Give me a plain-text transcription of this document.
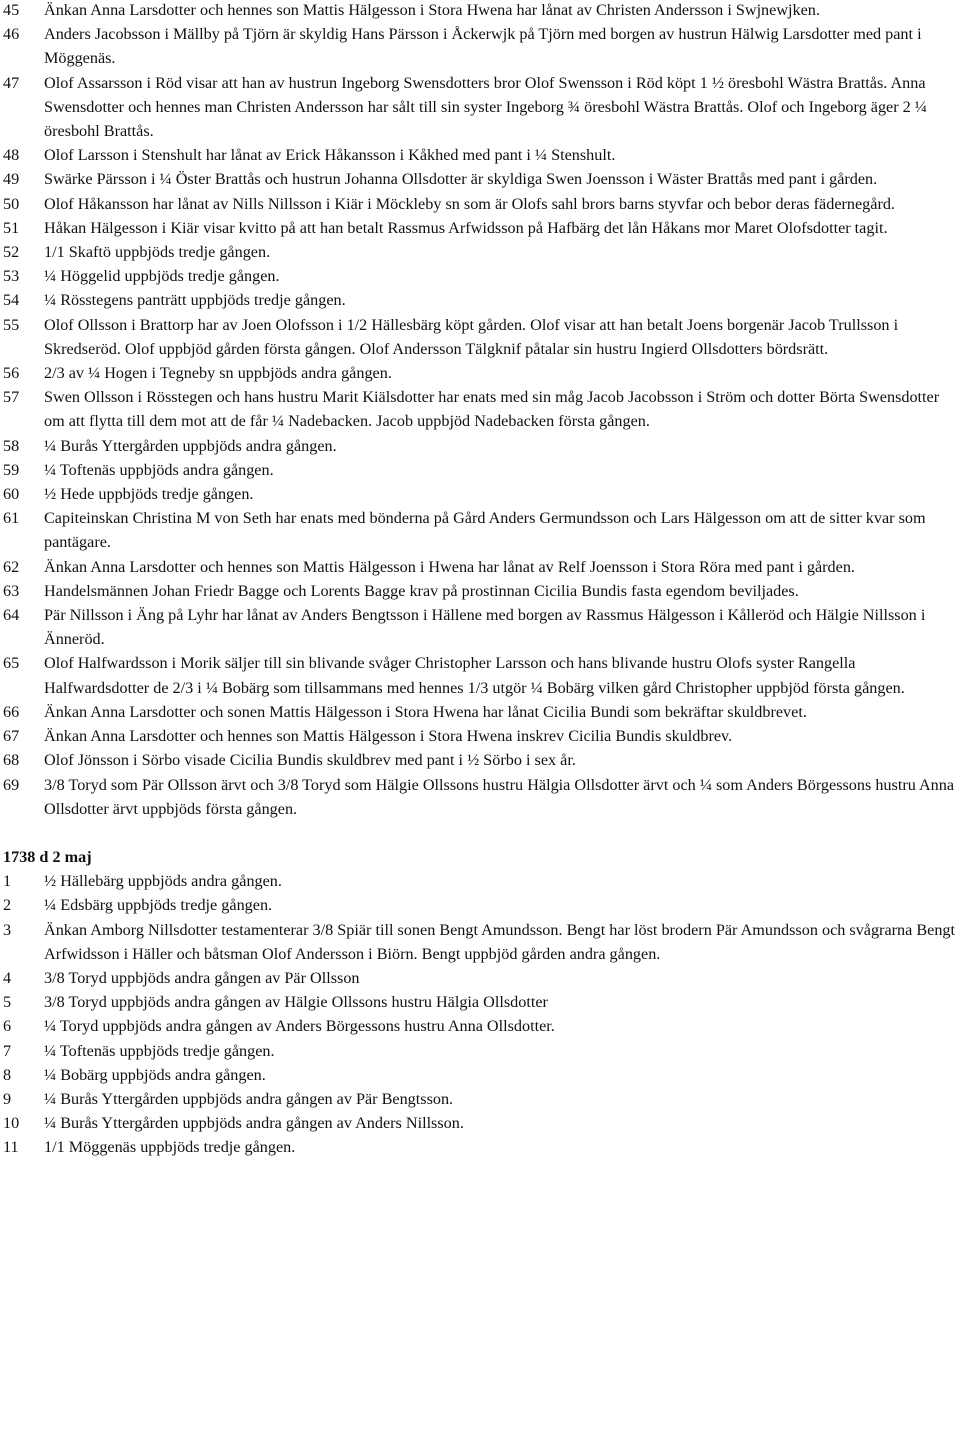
45	Änkan Anna Larsdotter och hennes son Mattis Hälgesson i Stora Hwena har lånat av Christen Andersson i Swjnewjken.
46	Anders Jacobsson i Mällby på Tjörn är skyldig Hans Pärsson i Åckerwjk på Tjörn med borgen av hustrun Hälwig Larsdotter med pant i Möggenäs.
47	Olof Assarsson i Röd visar att han av hustrun Ingeborg Swensdotters bror Olof Swensson i Röd köpt 1 ½ öresbohl Wästra Brattås. Anna Swensdotter och hennes man Christen Andersson har sålt till sin syster Ingeborg ¾ öresbohl Wästra Brattås. Olof och Ingeborg äger 2 ¼ öresbohl Brattås.
48	Olof Larsson i Stenshult har lånat av Erick Håkansson i Kåkhed med pant i ¼ Stenshult.
49	Swärke Pärsson i ¼ Öster Brattås och hustrun Johanna Ollsdotter är skyldiga Swen Joensson i Wäster Brattås med pant i gården.
50	Olof Håkansson har lånat av Nills Nillsson i Kiär i Möckleby sn som är Olofs sahl brors barns styvfar och bebor deras fädernegård.
51	Håkan Hälgesson i Kiär visar kvitto på att han betalt Rassmus Arfwidsson på Hafbärg det lån Håkans mor Maret Olofsdotter tagit.
52	1/1 Skaftö uppbjöds tredje gången.
53	¼ Höggelid uppbjöds tredje gången.
54	¼ Rösstegens panträtt uppbjöds tredje gången.
55	Olof Ollsson i Brattorp har av Joen Olofsson i 1/2 Hällesbärg köpt gården. Olof visar att han betalt Joens borgenär Jacob Trullsson i Skredseröd. Olof uppbjöd gården första gången. Olof Andersson Tälgknif påtalar sin hustru Ingierd Ollsdotters bördsrätt.
56	2/3 av ¼ Hogen i Tegneby sn uppbjöds andra gången.
57	Swen Ollsson i Rösstegen och hans hustru Marit Kiälsdotter har enats med sin måg Jacob Jacobsson i Ström och dotter Börta Swensdotter om att flytta till dem mot att de får ¼ Nadebacken. Jacob uppbjöd Nadebacken första gången.
58	¼ Burås Yttergården uppbjöds andra gången.
59	¼ Toftenäs uppbjöds andra gången.
60	½ Hede uppbjöds tredje gången.
61	Capiteinskan Christina M von Seth har enats med bönderna på Gård Anders Germundsson och Lars Hälgesson om att de sitter kvar som pantägare.
62	Änkan Anna Larsdotter och hennes son Mattis Hälgesson i Hwena har lånat av Relf Joensson i Stora Röra med pant i gården.
63	Handelsmännen Johan Friedr Bagge och Lorents Bagge krav på prostinnan Cicilia Bundis fasta egendom beviljades.
64	Pär Nillsson i Äng på Lyhr har lånat av Anders Bengtsson i Hällene med borgen av Rassmus Hälgesson i Kålleröd och Hälgie Nillsson i Änneröd.
65	Olof Halfwardsson i Morik säljer till sin blivande svåger Christopher Larsson och hans blivande hustru Olofs syster Rangella Halfwardsdotter de 2/3 i ¼ Bobärg som tillsammans med hennes 1/3 utgör ¼ Bobärg vilken gård Christopher uppbjöd första gången.
66	Änkan Anna Larsdotter och sonen Mattis Hälgesson i Stora Hwena har lånat Cicilia Bundi som bekräftar skuldbrevet.
67	Änkan Anna Larsdotter och hennes son Mattis Hälgesson i Stora Hwena inskrev Cicilia Bundis skuldbrev.
68	Olof Jönsson i Sörbo visade Cicilia Bundis skuldbrev med pant i ½ Sörbo i sex år.
69	3/8 Toryd som Pär Ollsson ärvt och 3/8 Toryd som Hälgie Ollssons hustru Hälgia Ollsdotter ärvt och ¼ som Anders Börgessons hustru Anna Ollsdotter ärvt uppbjöds första gången.
1738 d 2 maj
1	½ Hällebärg uppbjöds andra gången.
2	¼ Edsbärg uppbjöds tredje gången.
3	Änkan Amborg Nillsdotter testamenterar 3/8 Spiär till sonen Bengt Amundsson. Bengt har löst brodern Pär Amundsson och svågrarna Bengt Arfwidsson i Häller och båtsman Olof Andersson i Biörn. Bengt uppbjöd gården andra gången.
4	3/8 Toryd uppbjöds andra gången av Pär Ollsson
5	3/8 Toryd uppbjöds andra gången av Hälgie Ollssons hustru Hälgia Ollsdotter
6	¼ Toryd uppbjöds andra gången av Anders Börgessons hustru Anna Ollsdotter.
7	¼ Toftenäs uppbjöds tredje gången.
8	¼ Bobärg uppbjöds andra gången.
9	¼ Burås Yttergården uppbjöds andra gången av Pär Bengtsson.
10	¼ Burås Yttergården uppbjöds andra gången av Anders Nillsson.
11	1/1 Möggenäs uppbjöds tredje gången.
